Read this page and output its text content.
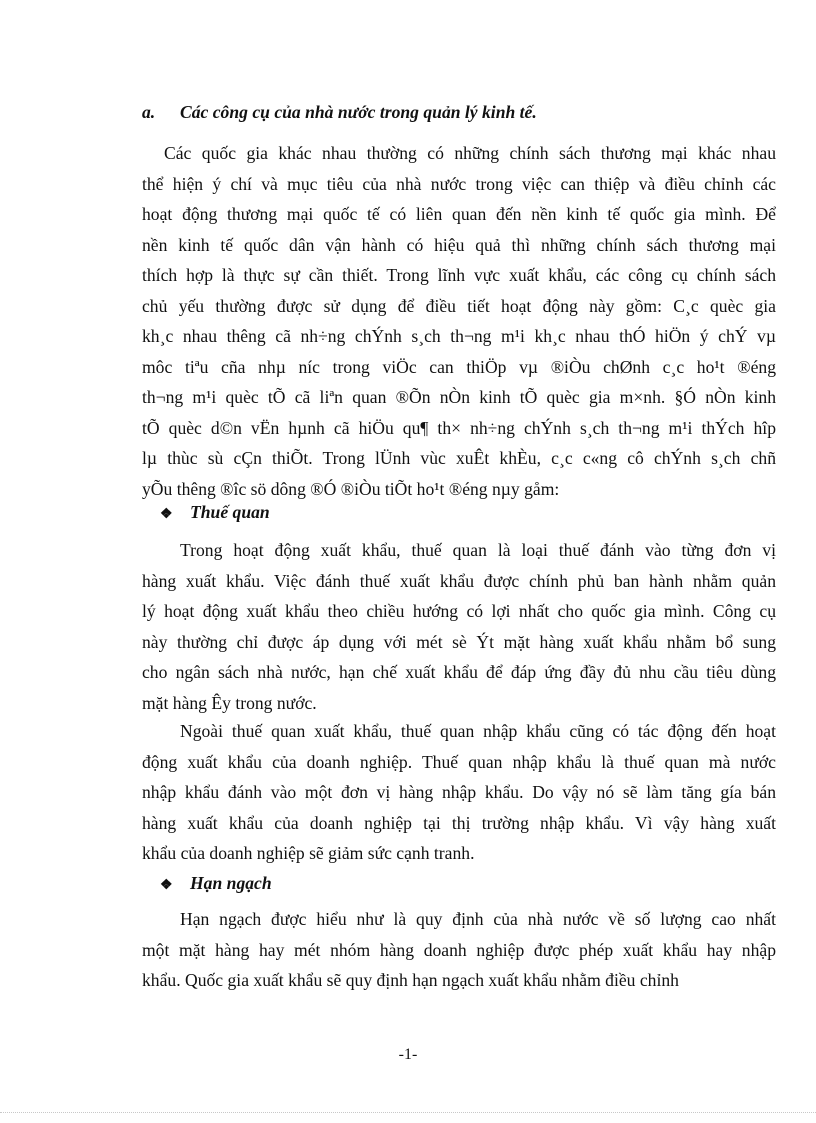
a. Các công cụ của nhà nước trong quản lý kinh tế.
Các quốc gia khác nhau thường có những chính sách thương mại khác nhau
thể hiện ý chí và mục tiêu của nhà nước trong việc can thiệp và điều chỉnh các
hoạt động thương mại quốc tế có liên quan đến nền kinh tế quốc gia mình. Để
nền kinh tế quốc dân vận hành có hiệu quả thì những chính sách thương mại
thích hợp là thực sự cần thiết. Trong lĩnh vực xuất khẩu, các công cụ chính sách
chủ yếu thường được sử dụng để điều tiết hoạt động này gồm: C¸c quèc gia
kh¸c nhau thêng cã nh÷ng chÝnh s¸ch th¬ng m¹i kh¸c nhau thÓ hiÖn ý chÝ vµ
môc tiªu cña nhµ níc trong viÖc can thiÖp vµ ®iÒu chØnh c¸c ho¹t ®éng
th¬ng m¹i quèc tÕ cã liªn quan ®Õn nÒn kinh tÕ quèc gia m×nh. §Ó nÒn kinh
tÕ quèc d©n vËn hµnh cã hiÖu qu¶ th× nh÷ng chÝnh s¸ch th¬ng m¹i thÝch hîp
lµ thùc sù cÇn thiÕt. Trong lÜnh vùc xuÊt khÈu, c¸c c«ng cô chÝnh s¸ch chñ
yÕu thêng ®îc sö dông ®Ó ®iÒu tiÕt ho¹t ®éng nµy gåm:
❖ Thuế quan
Trong hoạt động xuất khẩu, thuế quan là loại thuế đánh vào từng đơn vị
hàng xuất khẩu. Việc đánh thuế xuất khẩu được chính phủ ban hành nhằm quản
lý hoạt động xuất khẩu theo chiều hướng có lợi nhất cho quốc gia mình. Công cụ
này thường chỉ được áp dụng với mét sè Ýt mặt hàng xuất khẩu nhằm bổ sung
cho ngân sách nhà nước, hạn chế xuất khẩu để đáp ứng đầy đủ nhu cầu tiêu dùng
mặt hàng Êy trong nước.
Ngoài thuế quan xuất khẩu, thuế quan nhập khẩu cũng có tác động đến hoạt
động xuất khẩu của doanh nghiệp. Thuế quan nhập khẩu là thuế quan mà nước
nhập khẩu đánh vào một đơn vị hàng nhập khẩu. Do vậy nó sẽ làm tăng gía bán
hàng xuất khẩu của doanh nghiệp tại thị trường nhập khẩu. Vì vậy hàng xuất
khẩu của doanh nghiệp sẽ giảm sức cạnh tranh.
❖ Hạn ngạch
Hạn ngạch được hiểu như là quy định của nhà nước về số lượng cao nhất
một mặt hàng hay mét nhóm hàng doanh nghiệp được phép xuất khẩu hay nhập
khẩu. Quốc gia xuất khẩu sẽ quy định hạn ngạch xuất khẩu nhằm điều chỉnh
-1-
